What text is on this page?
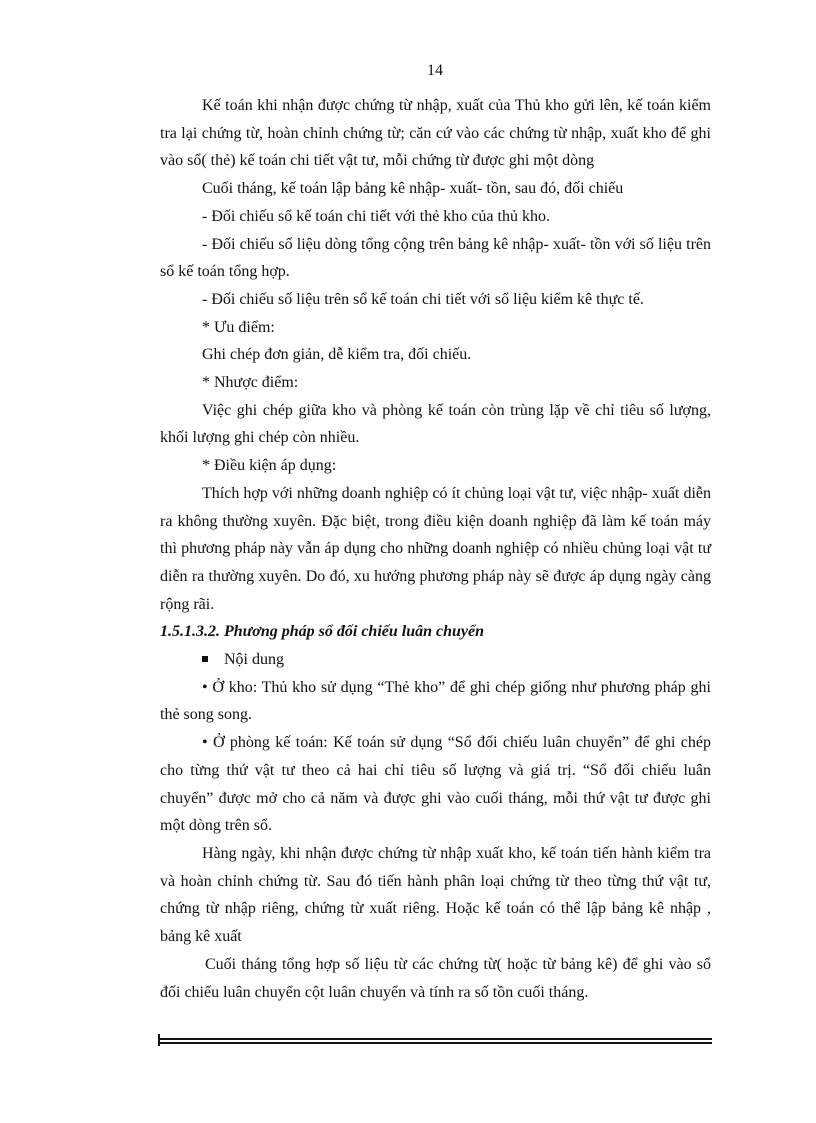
14

Kế toán khi nhận được chứng từ nhập, xuất của Thủ kho gửi lên, kế toán kiểm tra lại chứng từ, hoàn chỉnh chứng từ; căn cứ vào các chứng từ nhập, xuất kho để ghi vào sổ( thẻ) kế toán chi tiết vật tư, mỗi chứng từ được ghi một dòng

Cuối tháng, kế toán lập bảng kê nhập- xuất- tồn, sau đó, đối chiếu

- Đối chiếu sổ kế toán chi tiết với thẻ kho của thủ kho.

- Đối chiếu số liệu dòng tổng cộng trên bảng kê nhập- xuất- tồn với số liệu trên sổ kế toán tổng hợp.

- Đối chiếu số liệu trên sổ kế toán chi tiết với sổ liệu kiểm kê thực tế.

* Ưu điểm:

Ghi chép đơn giản, dễ kiểm tra, đối chiếu.

* Nhược điểm:

Việc ghi chép giữa kho và phòng kế toán còn trùng lặp về chỉ tiêu số lượng, khối lượng ghi chép còn nhiều.

* Điều kiện áp dụng:

Thích hợp với những doanh nghiệp có ít chủng loại vật tư, việc nhập- xuất diễn ra không thường xuyên. Đặc biệt, trong điều kiện doanh nghiệp đã làm kế toán máy thì phương pháp này vẫn áp dụng cho những doanh nghiệp có nhiều chủng loại vật tư diễn ra thường xuyên. Do đó, xu hướng phương pháp này sẽ được áp dụng ngày càng rộng rãi.

1.5.1.3.2. Phương pháp sổ đối chiếu luân chuyển

Nội dung

• Ở kho: Thủ kho sử dụng “Thẻ kho” để ghi chép giống như phương pháp ghi thẻ song song.

• Ở phòng kế toán: Kế toán sử dụng “Sổ đối chiếu luân chuyển” để ghi chép cho từng thứ vật tư theo cả hai chỉ tiêu số lượng và giá trị. “Sổ đối chiếu luân chuyển” được mở cho cả năm và được ghi vào cuối tháng, mỗi thứ vật tư được ghi một dòng trên sổ.

Hàng ngày, khi nhận được chứng từ nhập xuất kho, kế toán tiến hành kiểm tra và hoàn chỉnh chứng từ. Sau đó tiến hành phân loại chứng từ theo từng thứ vật tư, chứng từ nhập riêng, chứng từ xuất riêng. Hoặc kế toán có thể lập bảng kê nhập , bảng kê xuất

Cuối tháng tổng hợp số liệu từ các chứng từ( hoặc từ bảng kê) để ghi vào sổ đối chiếu luân chuyển cột luân chuyển và tính ra số tồn cuối tháng.
